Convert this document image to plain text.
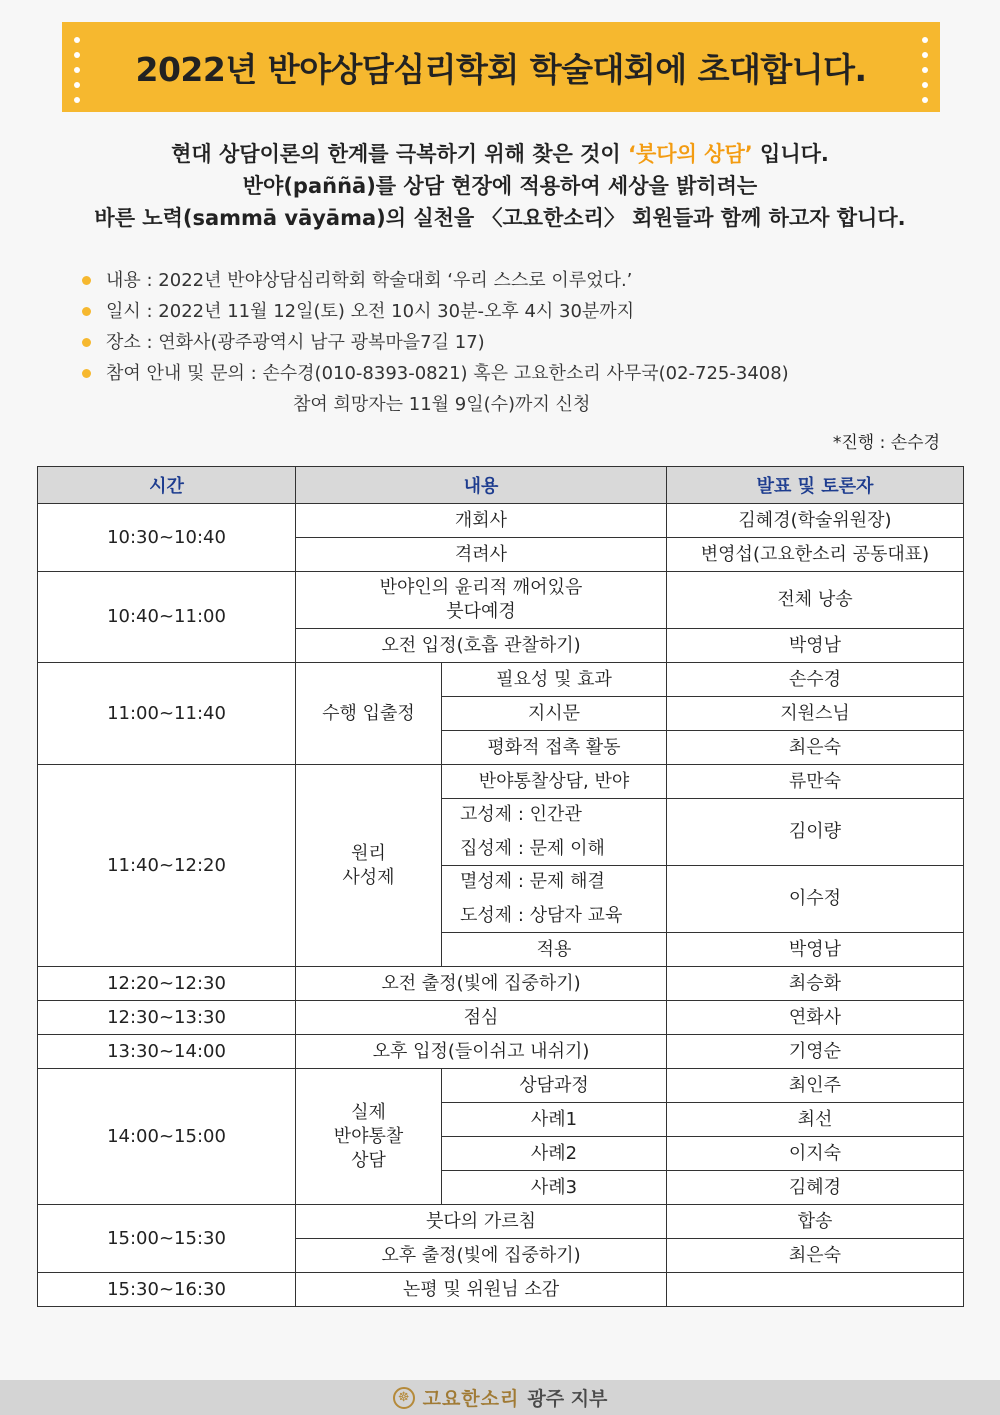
2022년 반야상담심리학회 학술대회에 초대합니다.

현대 상담이론의 한계를 극복하기 위해 찾은 것이 ‘붓다의 상담’ 입니다.

반야(paññā)를 상담 현장에 적용하여 세상을 밝히려는

바른 노력(sammā vāyāma)의 실천을 〈고요한소리〉 회원들과 함께 하고자 합니다.

내용 : 2022년 반야상담심리학회 학술대회 ‘우리 스스로 이루었다.’
일시 : 2022년 11월 12일(토) 오전 10시 30분-오후 4시 30분까지
장소 : 연화사(광주광역시 남구 광복마을7길 17)
참여 안내 및 문의 : 손수경(010-8393-0821) 혹은 고요한소리 사무국(02-725-3408)
참여 희망자는 11월 9일(수)까지 신청
*진행 : 손수경
시간	내용		발표 및 토론자
10:30~10:40	개회사		김혜경(학술위원장)
	격려사		변영섭(고요한소리 공동대표)
10:40~11:00	반야인의 윤리적 깨어있음
붓다예경		전체 낭송
	오전 입정(호흡 관찰하기)		박영남
11:00~11:40	수행 입출정	필요성 및 효과	손수경
		지시문	지원스님
		평화적 접촉 활동	최은숙
11:40~12:20	원리
사성제	반야통찰상담, 반야	류만숙

		고성제 : 인간관
집성제 : 문제 이해	김이량

		멸성제 : 문제 해결
도성제 : 상담자 교육	이수정
		적용	박영남
12:20~12:30	오전 출정(빛에 집중하기)		최승화
12:30~13:30	점심		연화사
13:30~14:00	오후 입정(들이쉬고 내쉬기)		기영순
14:00~15:00	실제
반야통찰
상담	상담과정	최인주
		사례1	최선
		사례2	이지숙
		사례3	김혜경
15:00~15:30	붓다의 가르침		합송
	오후 출정(빛에 집중하기)		최은숙
15:30~16:30	논평 및 위원님 소감		
☸ 고요한소리 광주 지부
